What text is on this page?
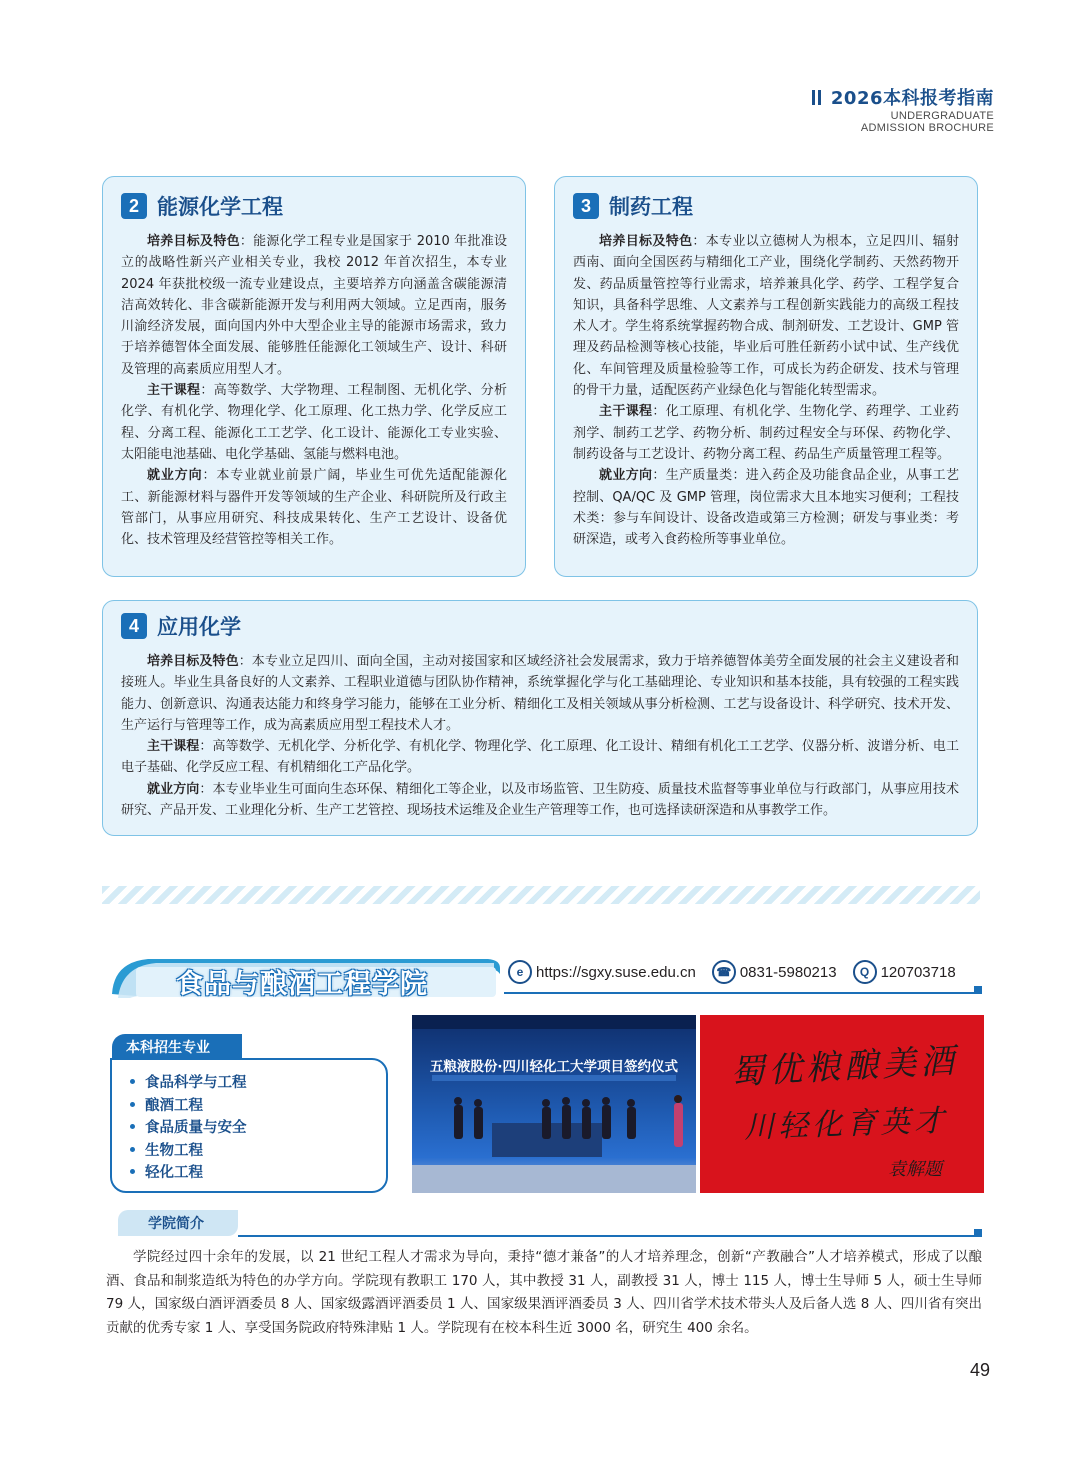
2026本科报考指南
UNDERGRADUATE
ADMISSION BROCHURE
2 能源化学工程

培养目标及特色：能源化学工程专业是国家于 2010 年批准设立的战略性新兴产业相关专业，我校 2012 年首次招生，本专业 2024 年获批校级一流专业建设点，主要培养方向涵盖含碳能源清洁高效转化、非含碳新能源开发与利用两大领域。立足西南，服务川渝经济发展，面向国内外中大型企业主导的能源市场需求，致力于培养德智体全面发展、能够胜任能源化工领域生产、设计、科研及管理的高素质应用型人才。

主干课程：高等数学、大学物理、工程制图、无机化学、分析化学、有机化学、物理化学、化工原理、化工热力学、化学反应工程、分离工程、能源化工工艺学、化工设计、能源化工专业实验、太阳能电池基础、电化学基础、氢能与燃料电池。

就业方向：本专业就业前景广阔，毕业生可优先适配能源化工、新能源材料与器件开发等领域的生产企业、科研院所及行政主管部门，从事应用研究、科技成果转化、生产工艺设计、设备优化、技术管理及经营管控等相关工作。

3 制药工程

培养目标及特色：本专业以立德树人为根本，立足四川、辐射西南、面向全国医药与精细化工产业，围绕化学制药、天然药物开发、药品质量管控等行业需求，培养兼具化学、药学、工程学复合知识，具备科学思维、人文素养与工程创新实践能力的高级工程技术人才。学生将系统掌握药物合成、制剂研发、工艺设计、GMP 管理及药品检测等核心技能，毕业后可胜任新药小试中试、生产线优化、车间管理及质量检验等工作，可成长为药企研发、技术与管理的骨干力量，适配医药产业绿色化与智能化转型需求。

主干课程：化工原理、有机化学、生物化学、药理学、工业药剂学、制药工艺学、药物分析、制药过程安全与环保、药物化学、制药设备与工艺设计、药物分离工程、药品生产质量管理工程等。

就业方向：生产质量类：进入药企及功能食品企业，从事工艺控制、QA/QC 及 GMP 管理，岗位需求大且本地实习便利；工程技术类：参与车间设计、设备改造或第三方检测；研发与事业类：考研深造，或考入食药检所等事业单位。

4 应用化学

培养目标及特色：本专业立足四川、面向全国，主动对接国家和区域经济社会发展需求，致力于培养德智体美劳全面发展的社会主义建设者和接班人。毕业生具备良好的人文素养、工程职业道德与团队协作精神，系统掌握化学与化工基础理论、专业知识和基本技能，具有较强的工程实践能力、创新意识、沟通表达能力和终身学习能力，能够在工业分析、精细化工及相关领域从事分析检测、工艺与设备设计、科学研究、技术开发、生产运行与管理等工作，成为高素质应用型工程技术人才。

主干课程：高等数学、无机化学、分析化学、有机化学、物理化学、化工原理、化工设计、精细有机化工工艺学、仪器分析、波谱分析、电工电子基础、化学反应工程、有机精细化工产品化学。

就业方向：本专业毕业生可面向生态环保、精细化工等企业，以及市场监管、卫生防疫、质量技术监督等事业单位与行政部门，从事应用技术研究、产品开发、工业理化分析、生产工艺管控、现场技术运维及企业生产管理等工作，也可选择读研深造和从事教学工作。

食品与酿酒工程学院	e https://sgxy.suse.edu.cn	☎ 0831-5980213	Q 120703718
本科招生专业
食品科学与工程
酿酒工程
食品质量与安全
生物工程
轻化工程
五粮液股份·四川轻化工大学项目签约仪式	蜀优粮酿美酒
川轻化育英才
袁解题
学院简介

学院经过四十余年的发展，以 21 世纪工程人才需求为导向，秉持“德才兼备”的人才培养理念，创新“产教融合”人才培养模式，形成了以酿酒、食品和制浆造纸为特色的办学方向。学院现有教职工 170 人，其中教授 31 人，副教授 31 人，博士 115 人，博士生导师 5 人，硕士生导师 79 人，国家级白酒评酒委员 8 人、国家级露酒评酒委员 1 人、国家级果酒评酒委员 3 人、四川省学术技术带头人及后备人选 8 人、四川省有突出贡献的优秀专家 1 人、享受国务院政府特殊津贴 1 人。学院现有在校本科生近 3000 名，研究生 400 余名。

49
